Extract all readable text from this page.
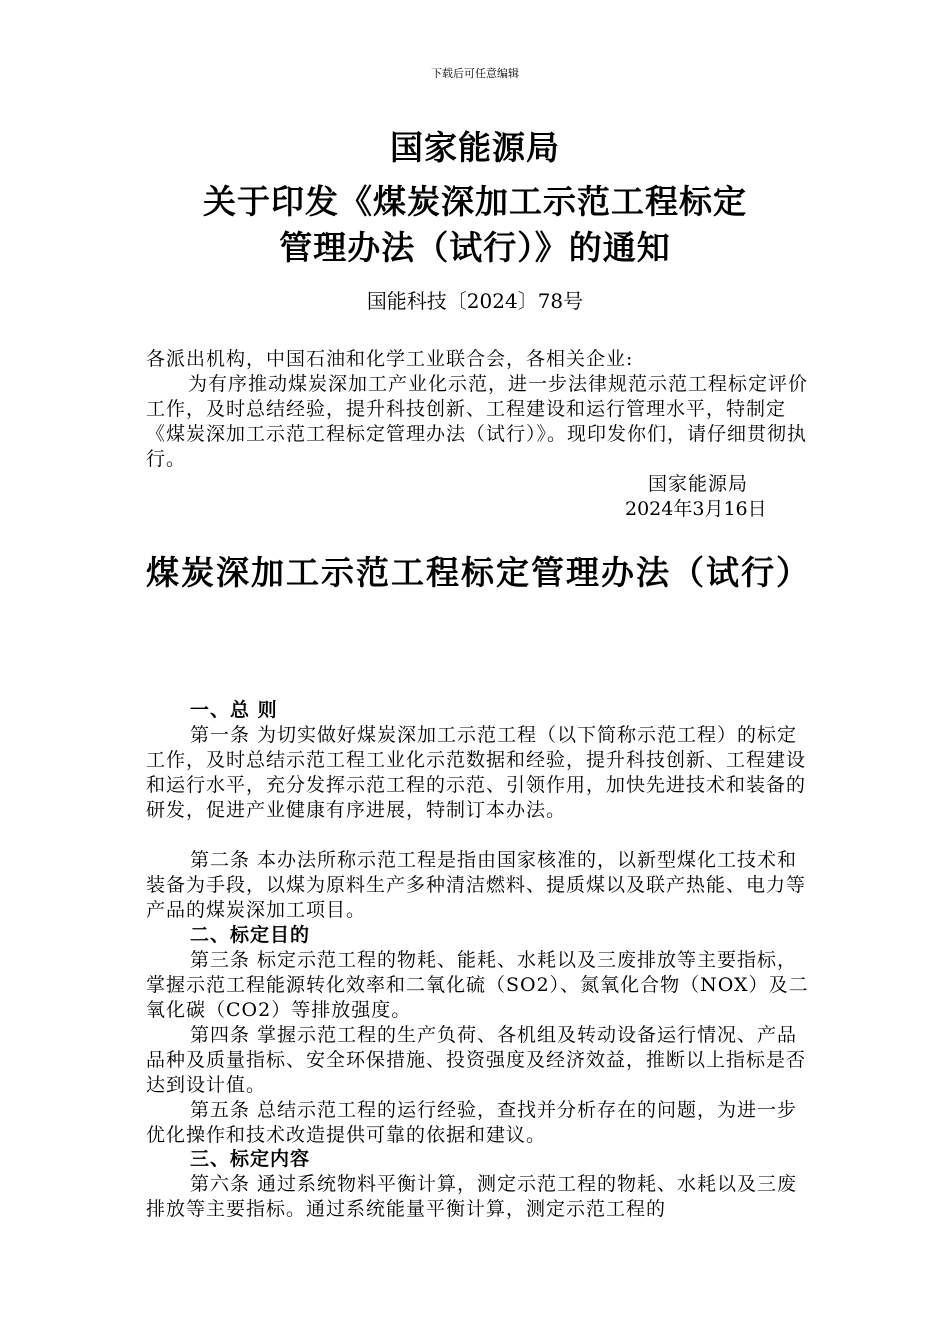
下载后可任意编辑
国家能源局
关于印发《煤炭深加工示范工程标定
管理办法（试行）》的通知
国能科技〔2024〕78号
各派出机构，中国石油和化学工业联合会，各相关企业:
为有序推动煤炭深加工产业化示范，进一步法律规范示范工程标定评价工作，及时总结经验，提升科技创新、工程建设和运行管理水平，特制定《煤炭深加工示范工程标定管理办法（试行）》。现印发你们，请仔细贯彻执行。
国家能源局
2024年3月16日
煤炭深加工示范工程标定管理办法（试行）
一、总 则
第一条 为切实做好煤炭深加工示范工程（以下简称示范工程）的标定工作，及时总结示范工程工业化示范数据和经验，提升科技创新、工程建设和运行水平，充分发挥示范工程的示范、引领作用，加快先进技术和装备的研发，促进产业健康有序进展，特制订本办法。
第二条 本办法所称示范工程是指由国家核准的，以新型煤化工技术和装备为手段，以煤为原料生产多种清洁燃料、提质煤以及联产热能、电力等产品的煤炭深加工项目。
二、标定目的
第三条 标定示范工程的物耗、能耗、水耗以及三废排放等主要指标，掌握示范工程能源转化效率和二氧化硫（SO2）、氮氧化合物（NOX）及二氧化碳（CO2）等排放强度。
第四条 掌握示范工程的生产负荷、各机组及转动设备运行情况、产品品种及质量指标、安全环保措施、投资强度及经济效益，推断以上指标是否达到设计值。
第五条 总结示范工程的运行经验，查找并分析存在的问题，为进一步优化操作和技术改造提供可靠的依据和建议。
三、标定内容
第六条 通过系统物料平衡计算，测定示范工程的物耗、水耗以及三废排放等主要指标。通过系统能量平衡计算，测定示范工程的
